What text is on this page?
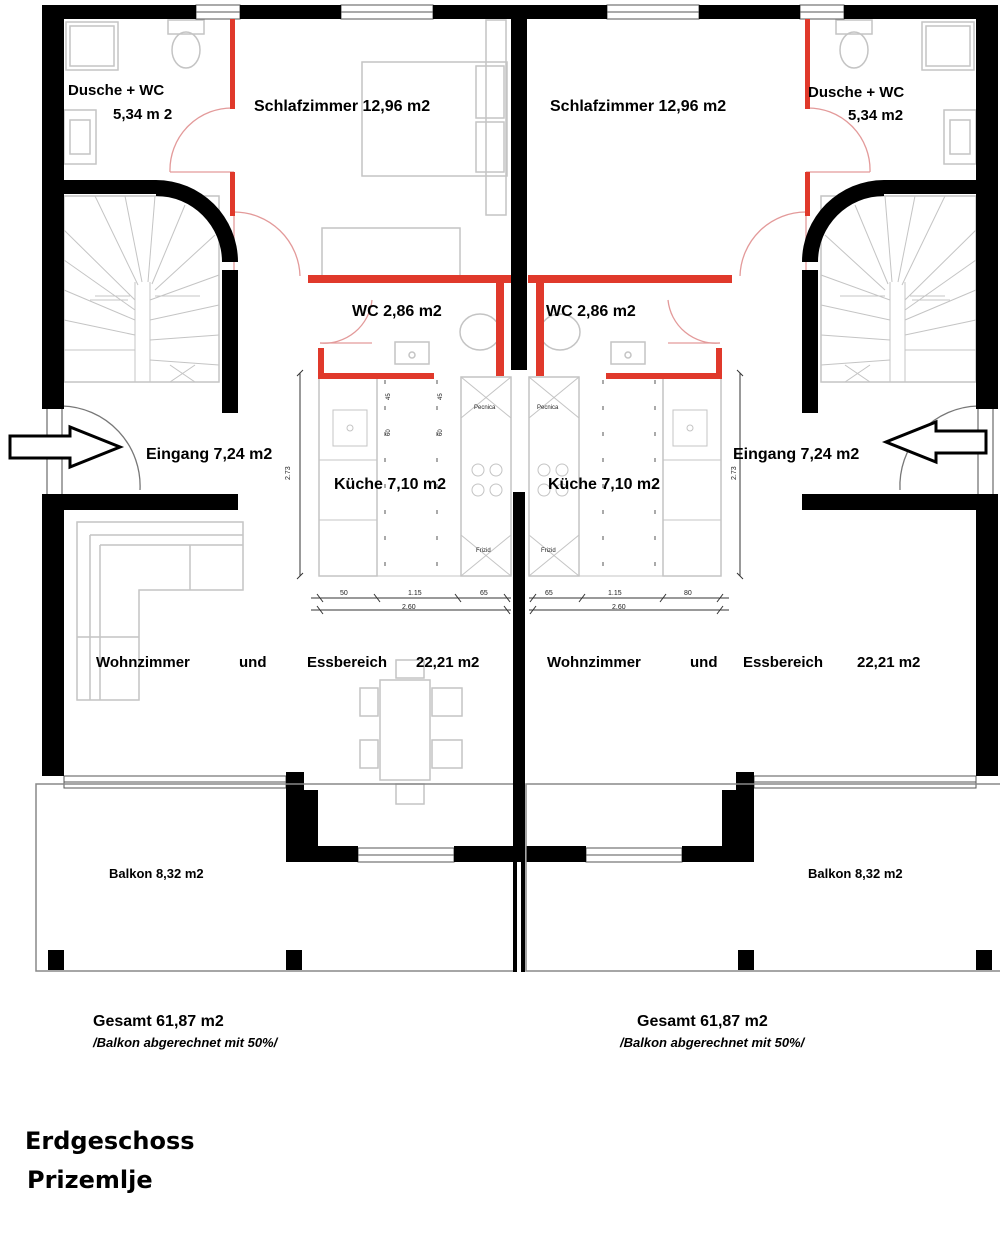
Dusche + WC
5,34 m 2	Schlafzimmer 12,96 m2
WC 2,86 m2
Eingang 7,24 m2
Küche 7,10 m2
Wohnzimmer	und	Essbereich 22,21 m2
Balkon 8,32 m2
Gesamt 61,87 m2
/Balkon abgerechnet mit 50%/
50	1.15	65
2.60
2.73
Pecnica
Frizid
Dusche + WC
5,34 m2
Schlafzimmer 12,96 m2
WC 2,86 m2
Eingang 7,24 m2
Küche 7,10 m2
Wohnzimmer	und Essbereich 22,21 m2
Balkon 8,32 m2
Gesamt 61,87 m2
/Balkon abgerechnet mit 50%/
65	1.15	80
2.60
2.73
Pecnica
Frizid
45
60
45
60
Erdgeschoss
Prizemlje
